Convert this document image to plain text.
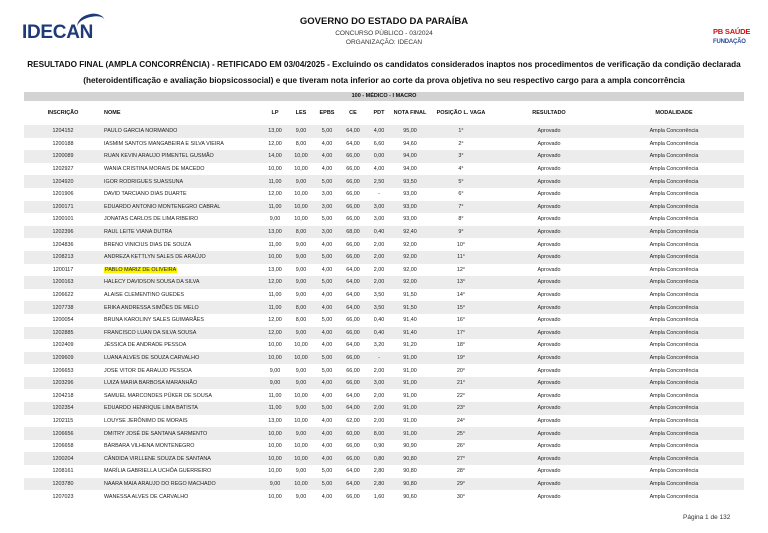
IDECAN
GOVERNO DO ESTADO DA PARAÍBA
CONCURSO PÚBLICO - 03/2024
ORGANIZAÇÃO: IDECAN
PB SAÚDE
FUNDAÇÃO
RESULTADO FINAL (AMPLA CONCORRÊNCIA) - RETIFICADO EM 03/04/2025 - Excluindo os candidatos considerados inaptos nos procedimentos de verificação da condição declarada
(heteroidentificação e avaliação biopsicossocial) e que tiveram nota inferior ao corte da prova objetiva no seu respectivo cargo para a ampla concorrência
100 - MÉDICO - I MACRO
INSCRIÇÃO	NOME	LP	LES	EPBS	CE	PDT	NOTA FINAL	POSIÇÃO L. VAGA	RESULTADO	MODALIDADE
1204152	PAULO GARCIA NORMANDO	13,00	9,00	5,00	64,00	4,00	95,00	1°	Aprovado	Ampla Concorrência
1200188	IASMIM SANTOS MANGABEIRA E SILVA VIEIRA	12,00	8,00	4,00	64,00	6,60	94,60	2°	Aprovado	Ampla Concorrência
1200089	RUAN KEVIN ARAUJO PIMENTEL GUSMÃO	14,00	10,00	4,00	66,00	0,00	94,00	3°	Aprovado	Ampla Concorrência
1202927	WANIA CRISTINA MORAIS DE MACEDO	10,00	10,00	4,00	66,00	4,00	94,00	4°	Aprovado	Ampla Concorrência
1204920	IGOR RODRIGUES SUASSUNA	11,00	9,00	5,00	66,00	2,50	93,50	5°	Aprovado	Ampla Concorrência
1201906	DAVID TARCIANO DIAS DUARTE	12,00	10,00	3,00	66,00	-	93,00	6°	Aprovado	Ampla Concorrência
1200171	EDUARDO ANTONIO MONTENEGRO CABRAL	11,00	10,00	3,00	66,00	3,00	93,00	7°	Aprovado	Ampla Concorrência
1200101	JONATAS CARLOS DE LIMA RIBEIRO	9,00	10,00	5,00	66,00	3,00	93,00	8°	Aprovado	Ampla Concorrência
1202396	RAUL LEITE VIANA DUTRA	13,00	8,00	3,00	68,00	0,40	92,40	9°	Aprovado	Ampla Concorrência
1204836	BRENO VINICIUS DIAS DE SOUZA	11,00	9,00	4,00	66,00	2,00	92,00	10°	Aprovado	Ampla Concorrência
1208213	ANDREZA KETTLYN SALES DE ARAÚJO	10,00	9,00	5,00	66,00	2,00	92,00	11°	Aprovado	Ampla Concorrência
1200117	PABLO MARIZ DE OLIVEIRA	13,00	9,00	4,00	64,00	2,00	92,00	12°	Aprovado	Ampla Concorrência
1200163	HALECY DAVIDSON SOUSA DA SILVA	12,00	9,00	5,00	64,00	2,00	92,00	13°	Aprovado	Ampla Concorrência
1206622	ALAISE CLEMENTINO GUEDES	11,00	9,00	4,00	64,00	3,50	91,50	14°	Aprovado	Ampla Concorrência
1207738	ERIKA ANDRESSA SIMÕES DE MELO	11,00	8,00	4,00	64,00	3,50	91,50	15°	Aprovado	Ampla Concorrência
1200054	BRUNA KAROLINY SALES GUIMARÃES	12,00	8,00	5,00	66,00	0,40	91,40	16°	Aprovado	Ampla Concorrência
1202885	FRANCISCO LUAN DA SILVA SOUSA	12,00	9,00	4,00	66,00	0,40	91,40	17°	Aprovado	Ampla Concorrência
1202409	JÉSSICA DE ANDRADE PESSOA	10,00	10,00	4,00	64,00	3,20	91,20	18°	Aprovado	Ampla Concorrência
1209609	LUANA ALVES DE SOUZA CARVALHO	10,00	10,00	5,00	66,00	-	91,00	19°	Aprovado	Ampla Concorrência
1206653	JOSE VITOR DE ARAUJO PESSOA	9,00	9,00	5,00	66,00	2,00	91,00	20°	Aprovado	Ampla Concorrência
1203296	LUIZA MARIA BARBOSA MARANHÃO	9,00	9,00	4,00	66,00	3,00	91,00	21°	Aprovado	Ampla Concorrência
1204218	SAMUEL MARCONDES PÜKER DE SOUSA	11,00	10,00	4,00	64,00	2,00	91,00	22°	Aprovado	Ampla Concorrência
1202354	EDUARDO HENRIQUE LIMA BATISTA	11,00	9,00	5,00	64,00	2,00	91,00	23°	Aprovado	Ampla Concorrência
1202115	LOUYSE JERÔNIMO DE MORAIS	13,00	10,00	4,00	62,00	2,00	91,00	24°	Aprovado	Ampla Concorrência
1206656	DMITRY JOSÉ DE SANTANA SARMENTO	10,00	9,00	4,00	60,00	8,00	91,00	25°	Aprovado	Ampla Concorrência
1206658	BÁRBARA VILHENA MONTENEGRO	10,00	10,00	4,00	66,00	0,90	90,90	26°	Aprovado	Ampla Concorrência
1200204	CÂNDIDA VIRLLENE SOUZA DE SANTANA	10,00	10,00	4,00	66,00	0,80	90,80	27°	Aprovado	Ampla Concorrência
1208161	MARÍLIA GABRIELLA UCHÔA GUERREIRO	10,00	9,00	5,00	64,00	2,80	90,80	28°	Aprovado	Ampla Concorrência
1203780	NAARA MAIA ARAUJO DO REGO MACHADO	9,00	10,00	5,00	64,00	2,80	90,80	29°	Aprovado	Ampla Concorrência
1207023	WANESSA ALVES DE CARVALHO	10,00	9,00	4,00	66,00	1,60	90,60	30°	Aprovado	Ampla Concorrência
Página 1 de 132
